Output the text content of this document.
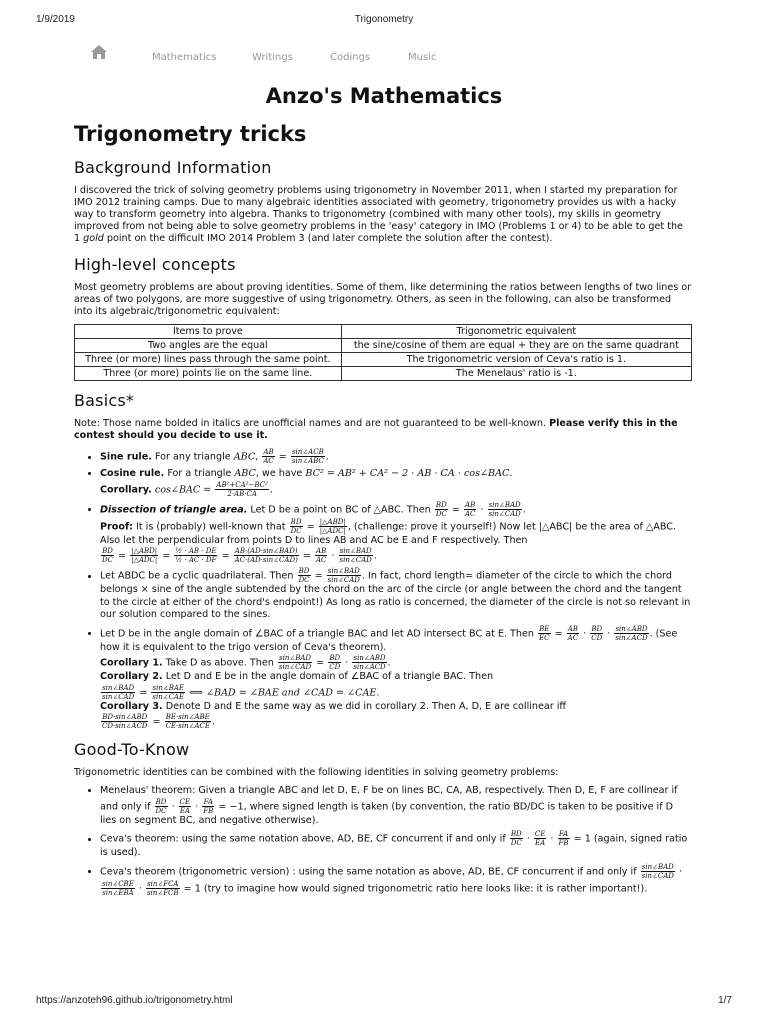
1/9/2019	Trigonometry
Mathematics	Writings	Codings	Music
Anzo's Mathematics
Trigonometry tricks
Background Information

I discovered the trick of solving geometry problems using trigonometry in November 2011, when I started my preparation for IMO 2012 training camps. Due to many algebraic identities associated with geometry, trigonometry provides us with a hacky way to transform geometry into algebra. Thanks to trigonometry (combined with many other tools), my skills in geometry improved from not being able to solve geometry problems in the 'easy' category in IMO (Problems 1 or 4) to be able to get the 1 gold point on the difficult IMO 2014 Problem 3 (and later complete the solution after the contest).

High-level concepts

Most geometry problems are about proving identities. Some of them, like determining the ratios between lengths of two lines or areas of two polygons, are more suggestive of using trigonometry. Others, as seen in the following, can also be transformed into its algebraic/trigonometric equivalent:

Items to prove	Trigonometric equivalent
Two angles are the equal	the sine/cosine of them are equal + they are on the same quadrant
Three (or more) lines pass through the same point.	The trigonometric version of Ceva's ratio is 1.
Three (or more) points lie on the same line.	The Menelaus' ratio is -1.
Basics*

Note: Those name bolded in italics are unofficial names and are not guaranteed to be well-known. Please verify this in the contest should you decide to use it.

• Sine rule. For any triangle ABC, $\frac{AB}{AC} = \frac{\text{sin∠ACB}}{\text{sin∠ABC}}$ .
• Cosine rule. For a triangle ABC, we have BC² = AB² + CA² − 2 · AB · CA · cos∠BAC.
Corollary. cos∠BAC = $\frac{\text{AB²+CA²−BC²}}{2\cdot AB\cdot CA}$ .
• Dissection of triangle area. Let D be a point on BC of △ABC. Then $\frac{BD}{DC} = \frac{AB}{AC} \cdot \frac{\text{sin∠BAD}}{\text{sin∠CAD}}$ .
Proof: It is (probably) well-known that $\frac{BD}{DC} = \frac{\text{|△ABD|}}{\text{|△ADC|}}$ , (challenge: prove it yourself!) Now let |△ABC| be the area of △ABC. Also let the perpendicular from points D to lines AB and AC be E and F respectively. Then

$\frac{BD}{DC} = \frac{\text{|△ABD|}}{\text{|△ADC|}} = \frac{\text{½ · AB · DE}}{\text{½ · AC · DF}} = \frac{\text{AB·(AD·sin∠BAD)}}{\text{AC·(AD·sin∠CAD)}} = \frac{AB}{AC} \cdot \frac{\text{sin∠BAD}}{\text{sin∠CAD}}$ .
• Let ABDC be a cyclic quadrilateral. Then $\frac{BD}{DC} = \frac{\text{sin∠BAD}}{\text{sin∠CAD}}$ . In fact, chord length= diameter of the circle to which the chord belongs × sine of the angle subtended by the chord on the arc of the circle (or angle between the chord and the tangent to the circle at either of the chord's endpoint!) As long as ratio is concerned, the diameter of the circle is not so relevant in our solution compared to the sines.
• Let D be in the angle domain of ∠BAC of a triangle BAC and let AD intersect BC at E. Then $\frac{BE}{EC} = \frac{AB}{AC} \cdot \frac{BD}{CD} \cdot \frac{\text{sin∠ABD}}{\text{sin∠ACD}}$ . (See how it is equivalent to the trigo version of Ceva's theorem).
Corollary 1. Take D as above. Then $\frac{\text{sin∠BAD}}{\text{sin∠CAD}} = \frac{BD}{CD} \cdot \frac{\text{sin∠ABD}}{\text{sin∠ACD}}$ .
Corollary 2. Let D and E be in the angle domain of ∠BAC of a triangle BAC. Then

$\frac{\text{sin∠BAD}}{\text{sin∠CAD}} = \frac{\text{sin∠BAE}}{\text{sin∠CAE}}$ ⟺ ∠BAD = ∠BAE and ∠CAD = ∠CAE.
Corollary 3. Denote D and E the same way as we did in corollary 2. Then A, D, E are collinear iff

$\frac{\text{BD·sin∠ABD}}{\text{CD·sin∠ACD}} = \frac{\text{BE·sin∠ABE}}{\text{CE·sin∠ACE}}$ .
Good-To-Know

Trigonometric identities can be combined with the following identities in solving geometry problems:

• Menelaus' theorem: Given a triangle ABC and let D, E, F be on lines BC, CA, AB, respectively. Then D, E, F are collinear if and only if $\frac{BD}{DC} \cdot \frac{CE}{EA} \cdot \frac{FA}{FB} = -1$, where signed length is taken (by convention, the ratio BD/DC is taken to be positive if D lies on segment BC, and negative otherwise).
• Ceva's theorem: using the same notation above, AD, BE, CF concurrent if and only if $\frac{BD}{DC} \cdot \frac{CE}{EA} \cdot \frac{FA}{FB} = 1$ (again, signed ratio is used).
• Ceva's theorem (trigonometric version) : using the same notation as above, AD, BE, CF concurrent if and only if $\frac{\text{sin∠BAD}}{\text{sin∠CAD}}$ ·
$\frac{\text{sin∠CBE}}{\text{sin∠EBA}} \cdot \frac{\text{sin∠FCA}}{\text{sin∠FCB}} = 1$ (try to imagine how would signed trigonometric ratio here looks like: it is rather important!).
https://anzoteh96.github.io/trigonometry.html	1/7
